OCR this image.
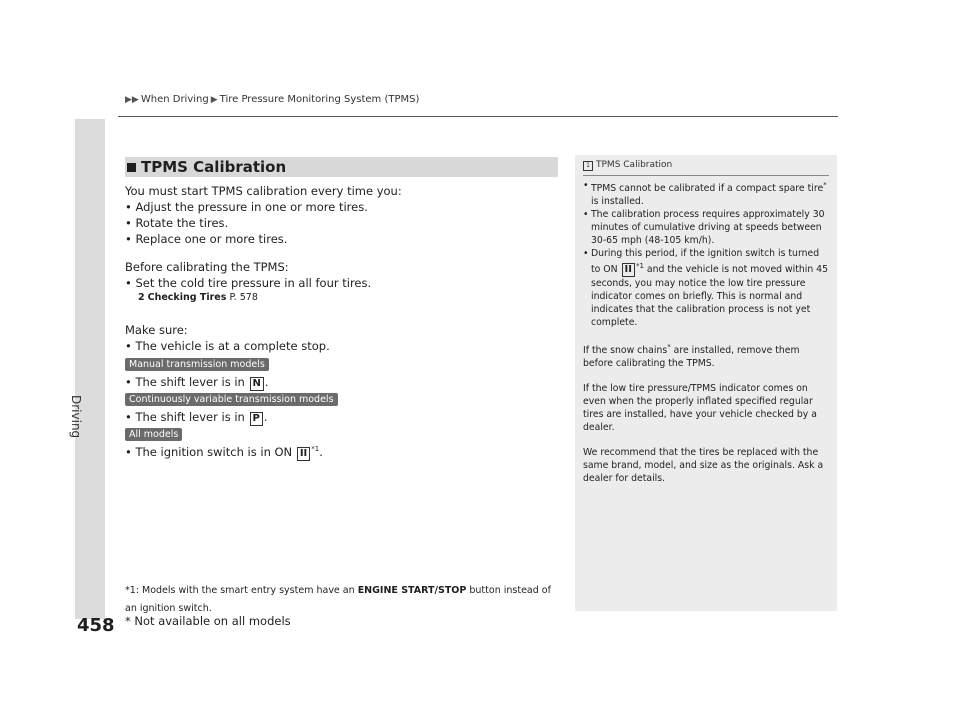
Driving
458
▶▶ When Driving ▶ Tire Pressure Monitoring System (TPMS)
TPMS Calibration
You must start TPMS calibration every time you:
• Adjust the pressure in one or more tires.
• Rotate the tires.
• Replace one or more tires.
Before calibrating the TPMS:
• Set the cold tire pressure in all four tires.
2 Checking Tires P. 578
Make sure:
• The vehicle is at a complete stop.
Manual transmission models
• The shift lever is in N .
Continuously variable transmission models
• The shift lever is in P .
All models
• The ignition switch is in ON II $^{*1}$.
*1: Models with the smart entry system have an ENGINE START/STOP button instead of an ignition switch.
* Not available on all models
1 TPMS Calibration
• TPMS cannot be calibrated if a compact spare tire* is installed.
• The calibration process requires approximately 30 minutes of cumulative driving at speeds between 30-65 mph (48-105 km/h).
• During this period, if the ignition switch is turned to ON II $^{*1}$ and the vehicle is not moved within 45 seconds, you may notice the low tire pressure indicator comes on briefly. This is normal and indicates that the calibration process is not yet complete.
If the snow chains* are installed, remove them before calibrating the TPMS.
If the low tire pressure/TPMS indicator comes on even when the properly inflated specified regular tires are installed, have your vehicle checked by a dealer.
We recommend that the tires be replaced with the same brand, model, and size as the originals. Ask a dealer for details.
